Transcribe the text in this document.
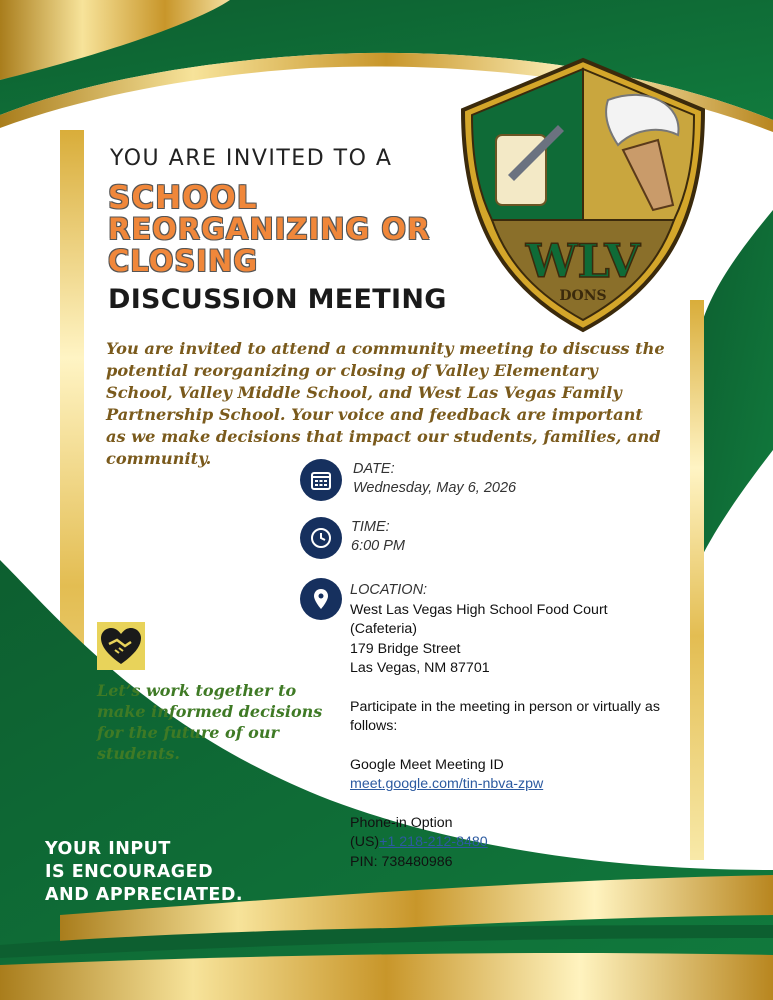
WLV
DONS
YOU ARE INVITED TO A
SCHOOL
REORGANIZING OR
CLOSING
DISCUSSION MEETING
You are invited to attend a community meeting to discuss the potential reorganizing or closing of Valley Elementary School, Valley Middle School, and West Las Vegas Family Partnership School. Your voice and feedback are important as we make decisions that impact our students, families, and community.
DATE:
Wednesday, May 6, 2026
TIME:
6:00 PM
LOCATION:
West Las Vegas High School Food Court
(Cafeteria)
179 Bridge Street
Las Vegas, NM 87701
Participate in the meeting in person or virtually as follows:
Google Meet Meeting ID
meet.google.com/tin-nbva-zpw
Phone-in Option
(US)+1 218-212-8480
PIN: 738480986
Let’s work together to make informed decisions for the future of our students.
YOUR INPUT
IS ENCOURAGED
AND APPRECIATED.
